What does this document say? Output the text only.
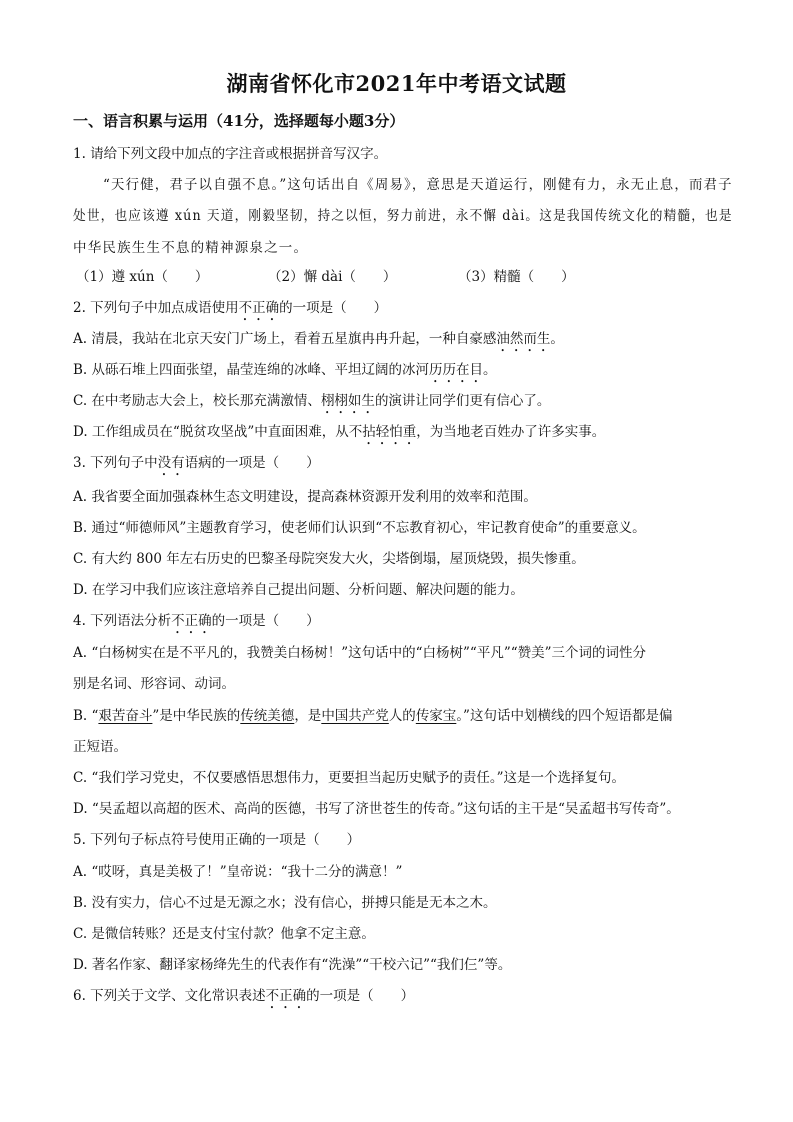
湖南省怀化市2021年中考语文试题
一、语言积累与运用（41分，选择题每小题3分）
1. 请给下列文段中加点的字注音或根据拼音写汉字。
“天行健，君子以自强不息。”这句话出自《周易》，意思是天道运行，刚健有力，永无止息，而君子
处世，也应该遵 xún 天道，刚毅坚韧，持之以恒，努力前进，永不懈 dài。这是我国传统文化的精髓，也是
中华民族生生不息的精神源泉之一。
（1）遵 xún（　　）	（2）懈 dài（　　）	（3）精髓（　　）
2. 下列句子中加点成语使用不正确的一项是（　　）
A. 清晨，我站在北京天安门广场上，看着五星旗冉冉升起，一种自豪感油然而生。
B. 从砾石堆上四面张望，晶莹连绵的冰峰、平坦辽阔的冰河历历在目。
C. 在中考励志大会上，校长那充满激情、栩栩如生的演讲让同学们更有信心了。
D. 工作组成员在“脱贫攻坚战”中直面困难，从不拈轻怕重，为当地老百姓办了许多实事。
3. 下列句子中没有语病的一项是（　　）
A. 我省要全面加强森林生态文明建设，提高森林资源开发利用的效率和范围。
B. 通过“师德师风”主题教育学习，使老师们认识到“不忘教育初心，牢记教育使命”的重要意义。
C. 有大约 800 年左右历史的巴黎圣母院突发大火，尖塔倒塌，屋顶烧毁，损失惨重。
D. 在学习中我们应该注意培养自己提出问题、分析问题、解决问题的能力。
4. 下列语法分析不正确的一项是（　　）
A. “白杨树实在是不平凡的，我赞美白杨树！”这句话中的“白杨树”“平凡”“赞美”三个词的词性分
别是名词、形容词、动词。
B. “艰苦奋斗”是中华民族的传统美德，是中国共产党人的传家宝。”这句话中划横线的四个短语都是偏
正短语。
C. “我们学习党史，不仅要感悟思想伟力，更要担当起历史赋予的责任。”这是一个选择复句。
D. “吴孟超以高超的医术、高尚的医德，书写了济世苍生的传奇。”这句话的主干是“吴孟超书写传奇”。
5. 下列句子标点符号使用正确的一项是（　　）
A. “哎呀，真是美极了！”皇帝说：“我十二分的满意！”
B. 没有实力，信心不过是无源之水；没有信心，拼搏只能是无本之木。
C. 是微信转账？还是支付宝付款？他拿不定主意。
D. 著名作家、翻译家杨绛先生的代表作有“洗澡”“干校六记”“我们仨”等。
6. 下列关于文学、文化常识表述不正确的一项是（　　）
